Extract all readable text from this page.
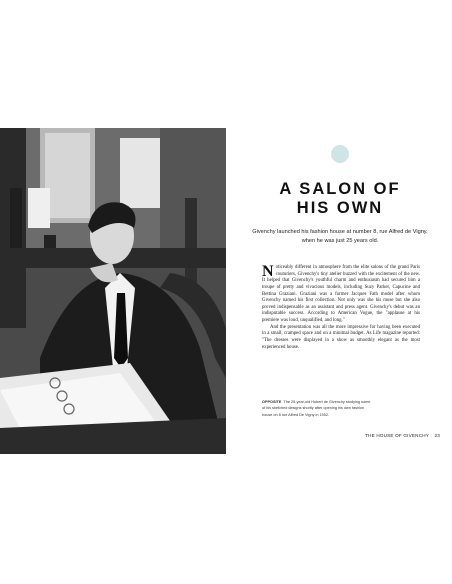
A SALON OF
HIS OWN
Givenchy launched his fashion house at number 8, rue Alfred de Vigny, when he was just 25 years old.

Noticeably different in atmosphere from the elite salons of the grand Paris couturiers, Givenchy's tiny atelier buzzed with the excitement of the new. It helped that Givenchy's youthful charm and enthusiasm had secured him a troupe of pretty and vivacious models, including Suzy Parker, Capucine and Bettina Graziani. Graziani was a former Jacques Fath model after whom Givenchy named his first collection. Not only was she his muse but she also proved indispensable as an assistant and press agent. Givenchy's debut was an indisputable success. According to American Vogue, the "applause at his premiere was loud, unqualified, and long."

And the presentation was all the more impressive for having been executed in a small, cramped space and on a minimal budget. As Life magazine reported: "The dresses were displayed in a show as smoothly elegant as the most experienced house.

OPPOSITE The 25-year-old Hubert de Givenchy studying some of his sketched designs shortly after opening his own fashion house on 8 rue Alfred De Vigny in 1952.
THE HOUSE OF GIVENCHY 23
